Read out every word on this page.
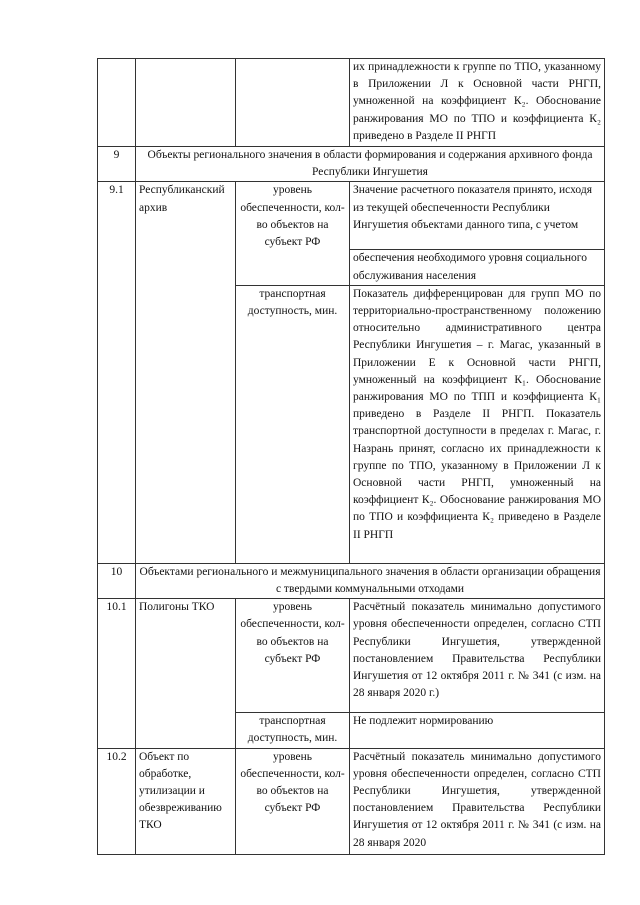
			их принадлежности к группе по ТПО, указанному в Приложении Л к Основной части РНГП, умноженной на коэффициент К₂. Обоснование ранжирования МО по ТПО и коэффициента К₂ приведено в Разделе II РНГП
9	Объекты регионального значения в области формирования и содержания архивного фонда Республики Ингушетия		
9.1	Республиканский архив	уровень обеспеченности, кол-во объектов на субъект РФ	Значение расчетного показателя принято, исходя из текущей обеспеченности Республики Ингушетия объектами данного типа, с учетом
			обеспечения необходимого уровня социального обслуживания населения
		транспортная доступность, мин.	Показатель дифференцирован для групп МО по территориально-пространственному положению относительно административного центра Республики Ингушетия – г. Магас, указанный в Приложении Е к Основной части РНГП, умноженный на коэффициент К₁. Обоснование ранжирования МО по ТПП и коэффициента К₁ приведено в Разделе II РНГП. Показатель транспортной доступности в пределах г. Магас, г. Назрань принят, согласно их принадлежности к группе по ТПО, указанному в Приложении Л к Основной части РНГП, умноженный на коэффициент К₂. Обоснование ранжирования МО по ТПО и коэффициента К₂ приведено в Разделе II РНГП
10	Объектами регионального и межмуниципального значения в области организации обращения с твердыми коммунальными отходами		
10.1	Полигоны ТКО	уровень обеспеченности, кол-во объектов на субъект РФ	Расчётный показатель минимально допустимого уровня обеспеченности определен, согласно СТП Республики Ингушетия, утвержденной постановлением Правительства Республики Ингушетия от 12 октября 2011 г. № 341 (с изм. на 28 января 2020 г.)
		транспортная доступность, мин.	Не подлежит нормированию
10.2	Объект по обработке, утилизации и обезвреживанию ТКО	уровень обеспеченности, кол-во объектов на субъект РФ	Расчётный показатель минимально допустимого уровня обеспеченности определен, согласно СТП Республики Ингушетия, утвержденной постановлением Правительства Республики Ингушетия от 12 октября 2011 г. № 341 (с изм. на 28 января 2020
